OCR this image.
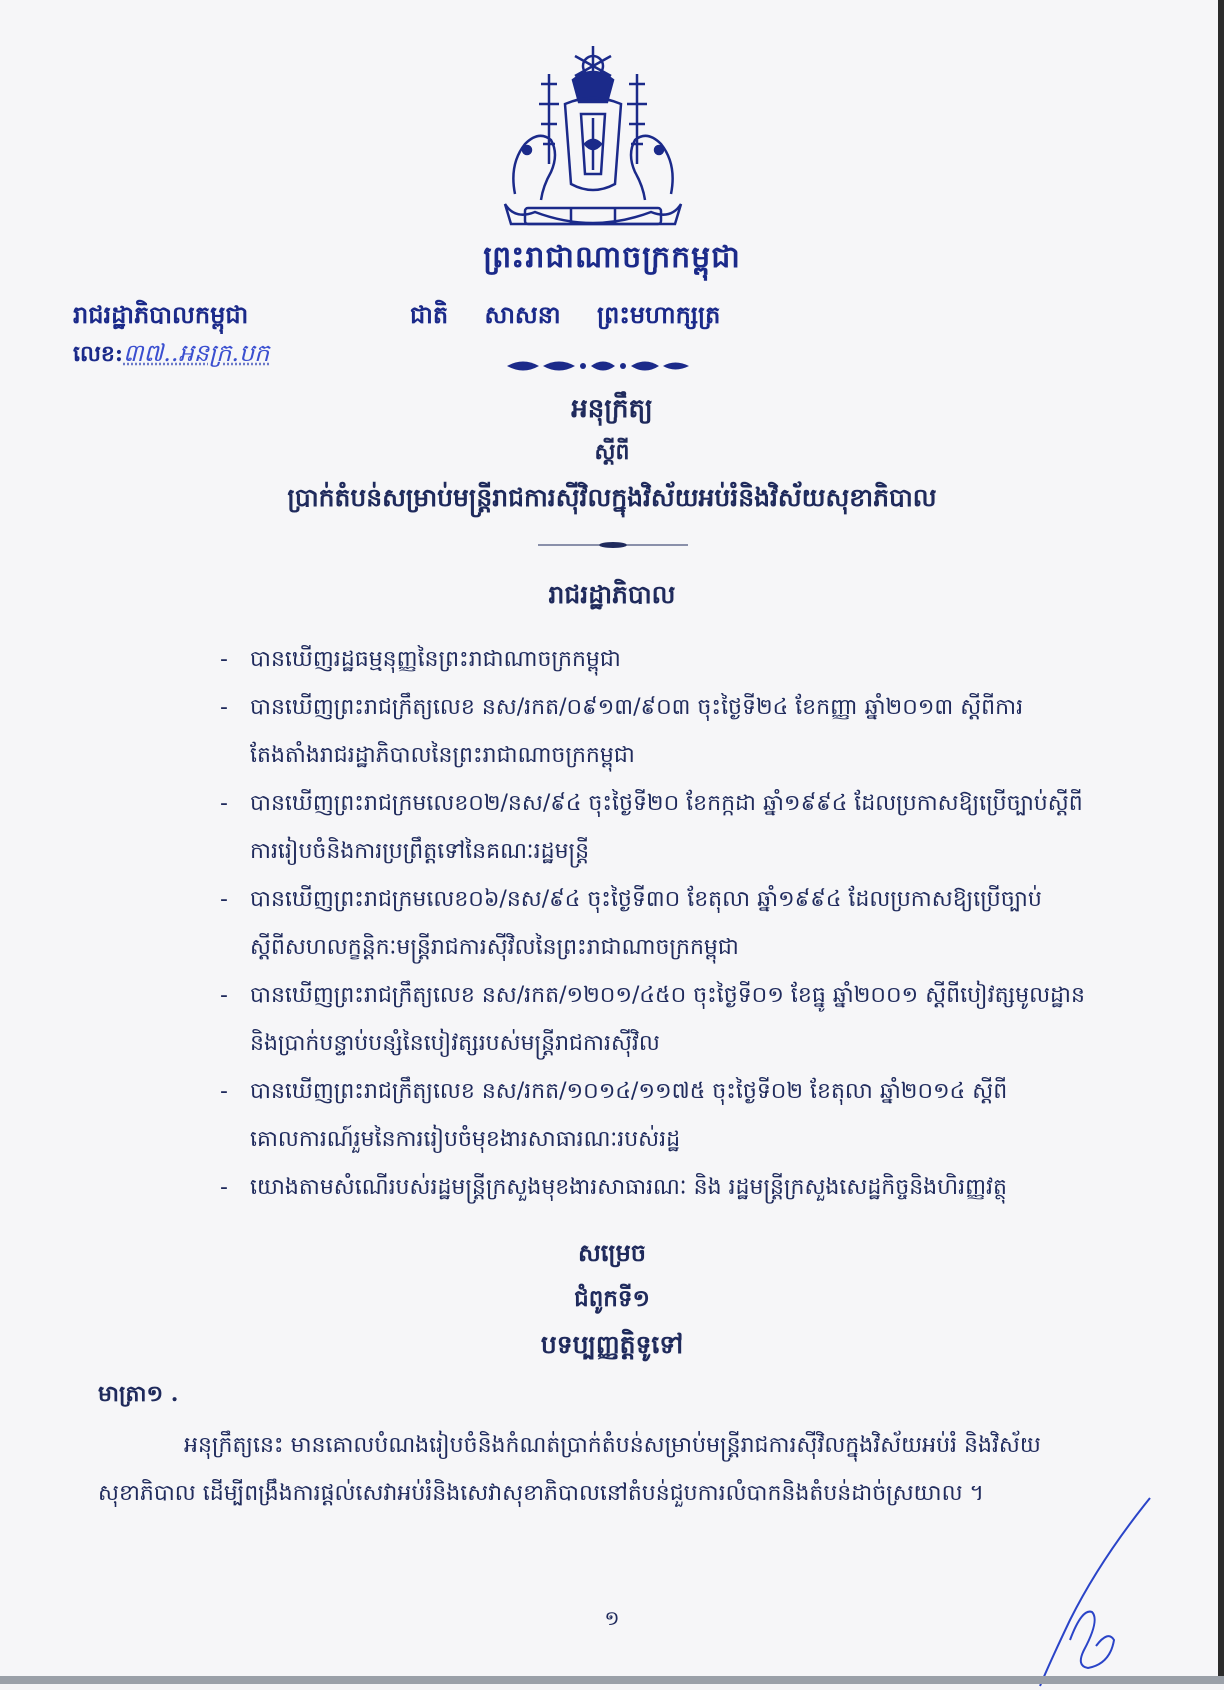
ព្រះរាជាណាចក្រកម្ពុជា
រាជរដ្ឋាភិបាលកម្ពុជា
លេខ:៣៧..អនក្រ.បក
ជាតិ សាសនា ព្រះមហាក្សត្រ
អនុក្រឹត្យ
ស្តីពី
ប្រាក់តំបន់សម្រាប់មន្ត្រីរាជការស៊ីវិលក្នុងវិស័យអប់រំនិងវិស័យសុខាភិបាល
រាជរដ្ឋាភិបាល
- បានឃើញរដ្ឋធម្មនុញ្ញនៃព្រះរាជាណាចក្រកម្ពុជា
- បានឃើញព្រះរាជក្រឹត្យលេខ នស/រកត/០៩១៣/៩០៣ ចុះថ្ងៃទី២៤ ខែកញ្ញា ឆ្នាំ២០១៣ ស្តីពីការតែងតាំងរាជរដ្ឋាភិបាលនៃព្រះរាជាណាចក្រកម្ពុជា
- បានឃើញព្រះរាជក្រមលេខ០២/នស/៩៤ ចុះថ្ងៃទី២០ ខែកក្កដា ឆ្នាំ១៩៩៤ ដែលប្រកាសឱ្យប្រើច្បាប់ស្តីពីការរៀបចំនិងការប្រព្រឹត្តទៅនៃគណៈរដ្ឋមន្ត្រី
- បានឃើញព្រះរាជក្រមលេខ០៦/នស/៩៤ ចុះថ្ងៃទី៣០ ខែតុលា ឆ្នាំ១៩៩៤ ដែលប្រកាសឱ្យប្រើច្បាប់ស្តីពីសហលក្ខន្តិកៈមន្ត្រីរាជការស៊ីវិលនៃព្រះរាជាណាចក្រកម្ពុជា
- បានឃើញព្រះរាជក្រឹត្យលេខ នស/រកត/១២០១/៤៥០ ចុះថ្ងៃទី០១ ខែធ្នូ ឆ្នាំ២០០១ ស្តីពីបៀវត្សមូលដ្ឋាននិងប្រាក់បន្ទាប់បន្សំនៃបៀវត្សរបស់មន្ត្រីរាជការស៊ីវិល
- បានឃើញព្រះរាជក្រឹត្យលេខ នស/រកត/១០១៤/១១៧៥ ចុះថ្ងៃទី០២ ខែតុលា ឆ្នាំ២០១៤ ស្តីពីគោលការណ៍រួមនៃការរៀបចំមុខងារសាធារណៈរបស់រដ្ឋ
- យោងតាមសំណើរបស់រដ្ឋមន្ត្រីក្រសួងមុខងារសាធារណៈ និង រដ្ឋមន្ត្រីក្រសួងសេដ្ឋកិច្ចនិងហិរញ្ញវត្ថុ
សម្រេច
ជំពូកទី១
បទប្បញ្ញត្តិទូទៅ
មាត្រា១ .
អនុក្រឹត្យនេះ មានគោលបំណងរៀបចំនិងកំណត់ប្រាក់តំបន់សម្រាប់មន្ត្រីរាជការស៊ីវិលក្នុងវិស័យអប់រំ និងវិស័យសុខាភិបាល ដើម្បីពង្រឹងការផ្តល់សេវាអប់រំនិងសេវាសុខាភិបាលនៅតំបន់ជួបការលំបាកនិងតំបន់ដាច់ស្រយាល ។
១
